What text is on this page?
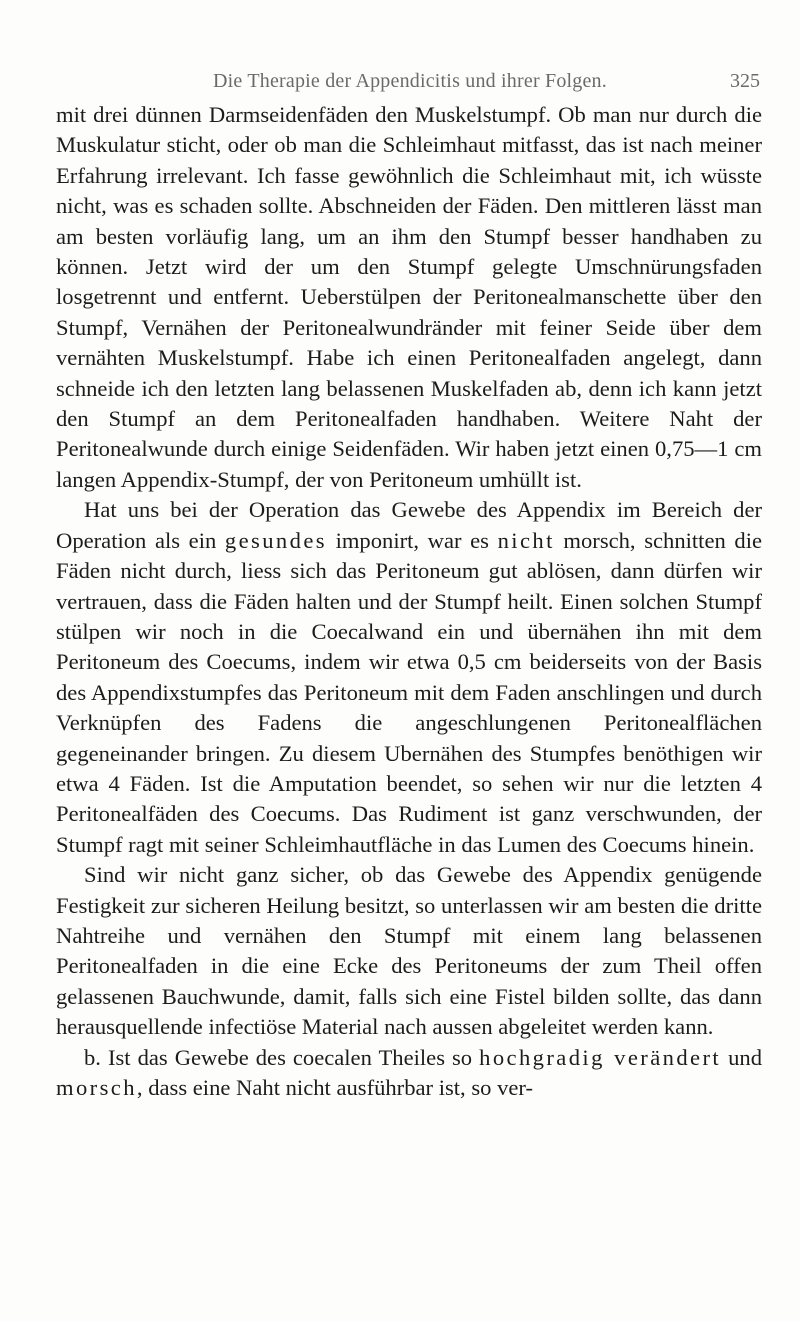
Die Therapie der Appendicitis und ihrer Folgen.	325

mit drei dünnen Darmseidenfäden den Muskelstumpf. Ob man nur durch die Muskulatur sticht, oder ob man die Schleimhaut mitfasst, das ist nach meiner Erfahrung irrelevant. Ich fasse gewöhnlich die Schleimhaut mit, ich wüsste nicht, was es schaden sollte. Abschneiden der Fäden. Den mittleren lässt man am besten vorläufig lang, um an ihm den Stumpf besser handhaben zu können. Jetzt wird der um den Stumpf gelegte Umschnürungsfaden losgetrennt und entfernt. Ueberstülpen der Peritonealmanschette über den Stumpf, Vernähen der Peritonealwundränder mit feiner Seide über dem vernähten Muskelstumpf. Habe ich einen Peritonealfaden angelegt, dann schneide ich den letzten lang belassenen Muskelfaden ab, denn ich kann jetzt den Stumpf an dem Peritonealfaden handhaben. Weitere Naht der Peritonealwunde durch einige Seidenfäden. Wir haben jetzt einen 0,75—1 cm langen Appendix-Stumpf, der von Peritoneum umhüllt ist.

Hat uns bei der Operation das Gewebe des Appendix im Bereich der Operation als ein gesundes imponirt, war es nicht morsch, schnitten die Fäden nicht durch, liess sich das Peritoneum gut ablösen, dann dürfen wir vertrauen, dass die Fäden halten und der Stumpf heilt. Einen solchen Stumpf stülpen wir noch in die Coecalwand ein und übernähen ihn mit dem Peritoneum des Coecums, indem wir etwa 0,5 cm beiderseits von der Basis des Appendixstumpfes das Peritoneum mit dem Faden anschlingen und durch Verknüpfen des Fadens die angeschlungenen Peritonealflächen gegeneinander bringen. Zu diesem Ubernähen des Stumpfes benöthigen wir etwa 4 Fäden. Ist die Amputation beendet, so sehen wir nur die letzten 4 Peritonealfäden des Coecums. Das Rudiment ist ganz verschwunden, der Stumpf ragt mit seiner Schleimhautfläche in das Lumen des Coecums hinein.

Sind wir nicht ganz sicher, ob das Gewebe des Appendix genügende Festigkeit zur sicheren Heilung besitzt, so unterlassen wir am besten die dritte Nahtreihe und vernähen den Stumpf mit einem lang belassenen Peritonealfaden in die eine Ecke des Peritoneums der zum Theil offen gelassenen Bauchwunde, damit, falls sich eine Fistel bilden sollte, das dann herausquellende infectiöse Material nach aussen abgeleitet werden kann.

b. Ist das Gewebe des coecalen Theiles so hochgradig verändert und morsch, dass eine Naht nicht ausführbar ist, so ver-
